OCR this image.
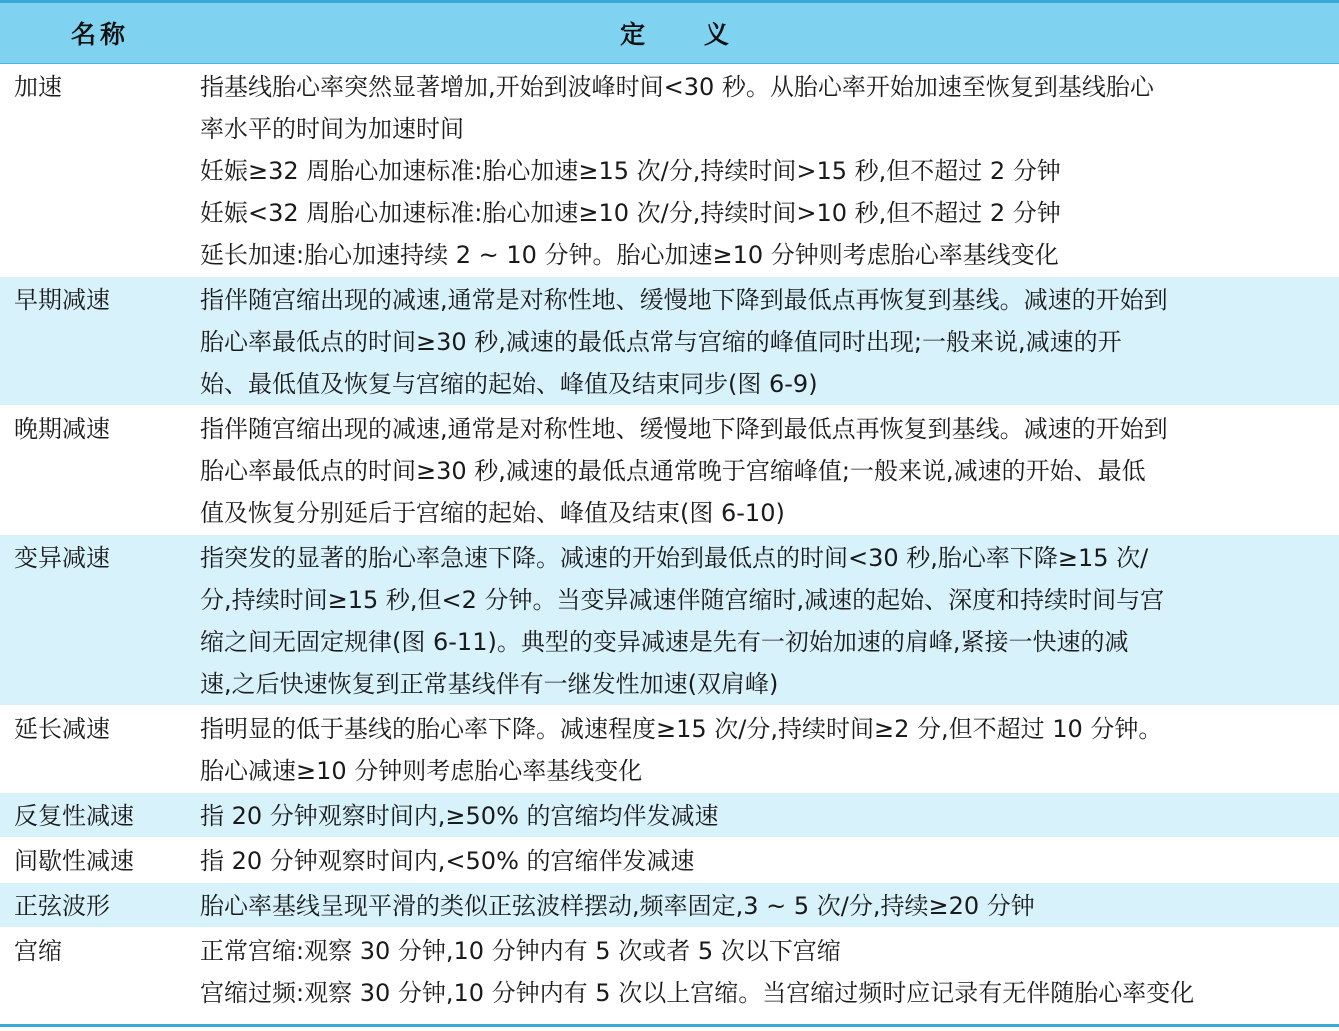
名称	定 义
加速	指基线胎心率突然显著增加,开始到波峰时间<30 秒。从胎心率开始加速至恢复到基线胎心
率水平的时间为加速时间
妊娠≥32 周胎心加速标准:胎心加速≥15 次/分,持续时间>15 秒,但不超过 2 分钟
妊娠<32 周胎心加速标准:胎心加速≥10 次/分,持续时间>10 秒,但不超过 2 分钟
延长加速:胎心加速持续 2 ~ 10 分钟。胎心加速≥10 分钟则考虑胎心率基线变化
早期减速	指伴随宫缩出现的减速,通常是对称性地、缓慢地下降到最低点再恢复到基线。减速的开始到
胎心率最低点的时间≥30 秒,减速的最低点常与宫缩的峰值同时出现;一般来说,减速的开
始、最低值及恢复与宫缩的起始、峰值及结束同步(图 6-9)
晚期减速	指伴随宫缩出现的减速,通常是对称性地、缓慢地下降到最低点再恢复到基线。减速的开始到
胎心率最低点的时间≥30 秒,减速的最低点通常晚于宫缩峰值;一般来说,减速的开始、最低
值及恢复分别延后于宫缩的起始、峰值及结束(图 6-10)
变异减速	指突发的显著的胎心率急速下降。减速的开始到最低点的时间<30 秒,胎心率下降≥15 次/
分,持续时间≥15 秒,但<2 分钟。当变异减速伴随宫缩时,减速的起始、深度和持续时间与宫
缩之间无固定规律(图 6-11)。典型的变异减速是先有一初始加速的肩峰,紧接一快速的减
速,之后快速恢复到正常基线伴有一继发性加速(双肩峰)
延长减速	指明显的低于基线的胎心率下降。减速程度≥15 次/分,持续时间≥2 分,但不超过 10 分钟。
胎心减速≥10 分钟则考虑胎心率基线变化
反复性减速	指 20 分钟观察时间内,≥50% 的宫缩均伴发减速
间歇性减速	指 20 分钟观察时间内,<50% 的宫缩伴发减速
正弦波形	胎心率基线呈现平滑的类似正弦波样摆动,频率固定,3 ~ 5 次/分,持续≥20 分钟
宫缩	正常宫缩:观察 30 分钟,10 分钟内有 5 次或者 5 次以下宫缩
宫缩过频:观察 30 分钟,10 分钟内有 5 次以上宫缩。当宫缩过频时应记录有无伴随胎心率变化
